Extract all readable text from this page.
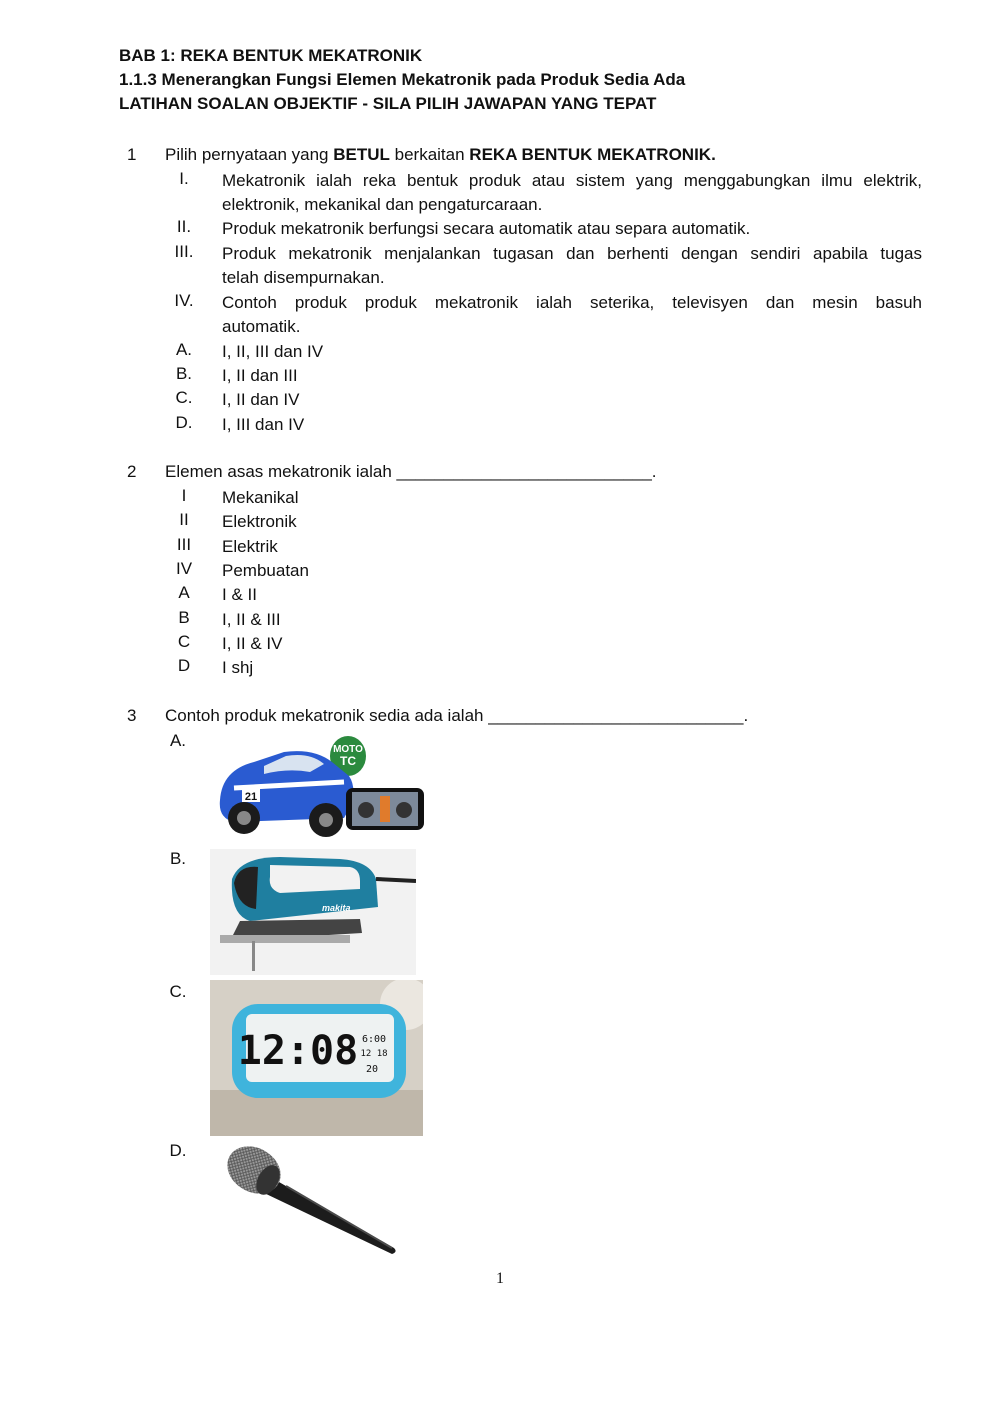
BAB 1: REKA BENTUK MEKATRONIK
1.1.3 Menerangkan Fungsi Elemen Mekatronik pada Produk Sedia Ada
LATIHAN SOALAN OBJEKTIF - SILA PILIH JAWAPAN YANG TEPAT
1 Pilih pernyataan yang BETUL berkaitan REKA BENTUK MEKATRONIK.
I.	Mekatronik ialah reka bentuk produk atau sistem yang menggabungkan ilmu elektrik,
elektronik, mekanikal dan pengaturcaraan.
II.	Produk mekatronik berfungsi secara automatik atau separa automatik.
III.	Produk mekatronik menjalankan tugasan dan berhenti dengan sendiri apabila tugas
telah disempurnakan.
IV.	Contoh produk produk mekatronik ialah seterika, televisyen dan mesin basuh
automatik.
A.	I, II, III dan IV
B.	I, II dan III
C.	I, II dan IV
D.	I, III dan IV
2 Elemen asas mekatronik ialah ___________________________.
I	Mekanikal
II	Elektronik
III	Elektrik
IV	Pembuatan
A	I & II
B	I, II & III
C	I, II & IV
D	I shj
3 Contoh produk mekatronik sedia ada ialah ___________________________.
A.	MOTO
TC
21
B.
makita
C.
12:08 6:00
12 18
20
D.
1
